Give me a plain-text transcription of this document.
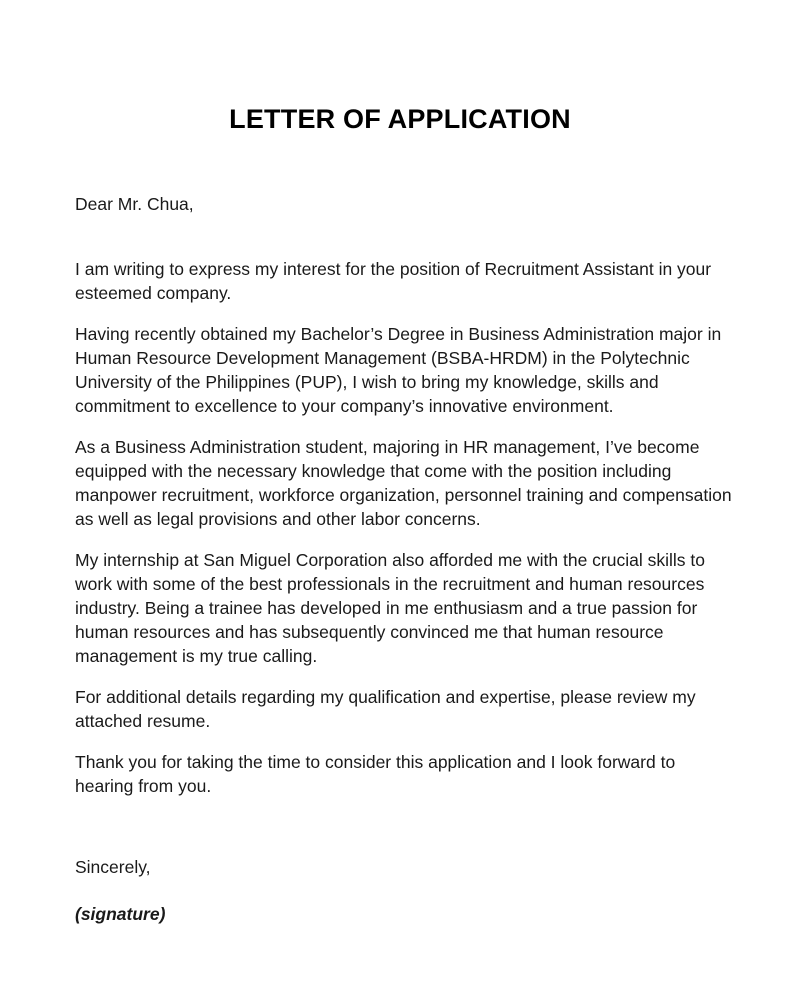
LETTER OF APPLICATION
Dear Mr. Chua,

I am writing to express my interest for the position of Recruitment Assistant in your esteemed company.

Having recently obtained my Bachelor’s Degree in Business Administration major in Human Resource Development Management (BSBA-HRDM) in the Polytechnic University of the Philippines (PUP), I wish to bring my knowledge, skills and commitment to excellence to your company’s innovative environment.

As a Business Administration student, majoring in HR management, I’ve become equipped with the necessary knowledge that come with the position including manpower recruitment, workforce organization, personnel training and compensation as well as legal provisions and other labor concerns.

My internship at San Miguel Corporation also afforded me with the crucial skills to work with some of the best professionals in the recruitment and human resources industry. Being a trainee has developed in me enthusiasm and a true passion for human resources and has subsequently convinced me that human resource management is my true calling.

For additional details regarding my qualification and expertise, please review my attached resume.

Thank you for taking the time to consider this application and I look forward to hearing from you.

Sincerely,
(signature)
